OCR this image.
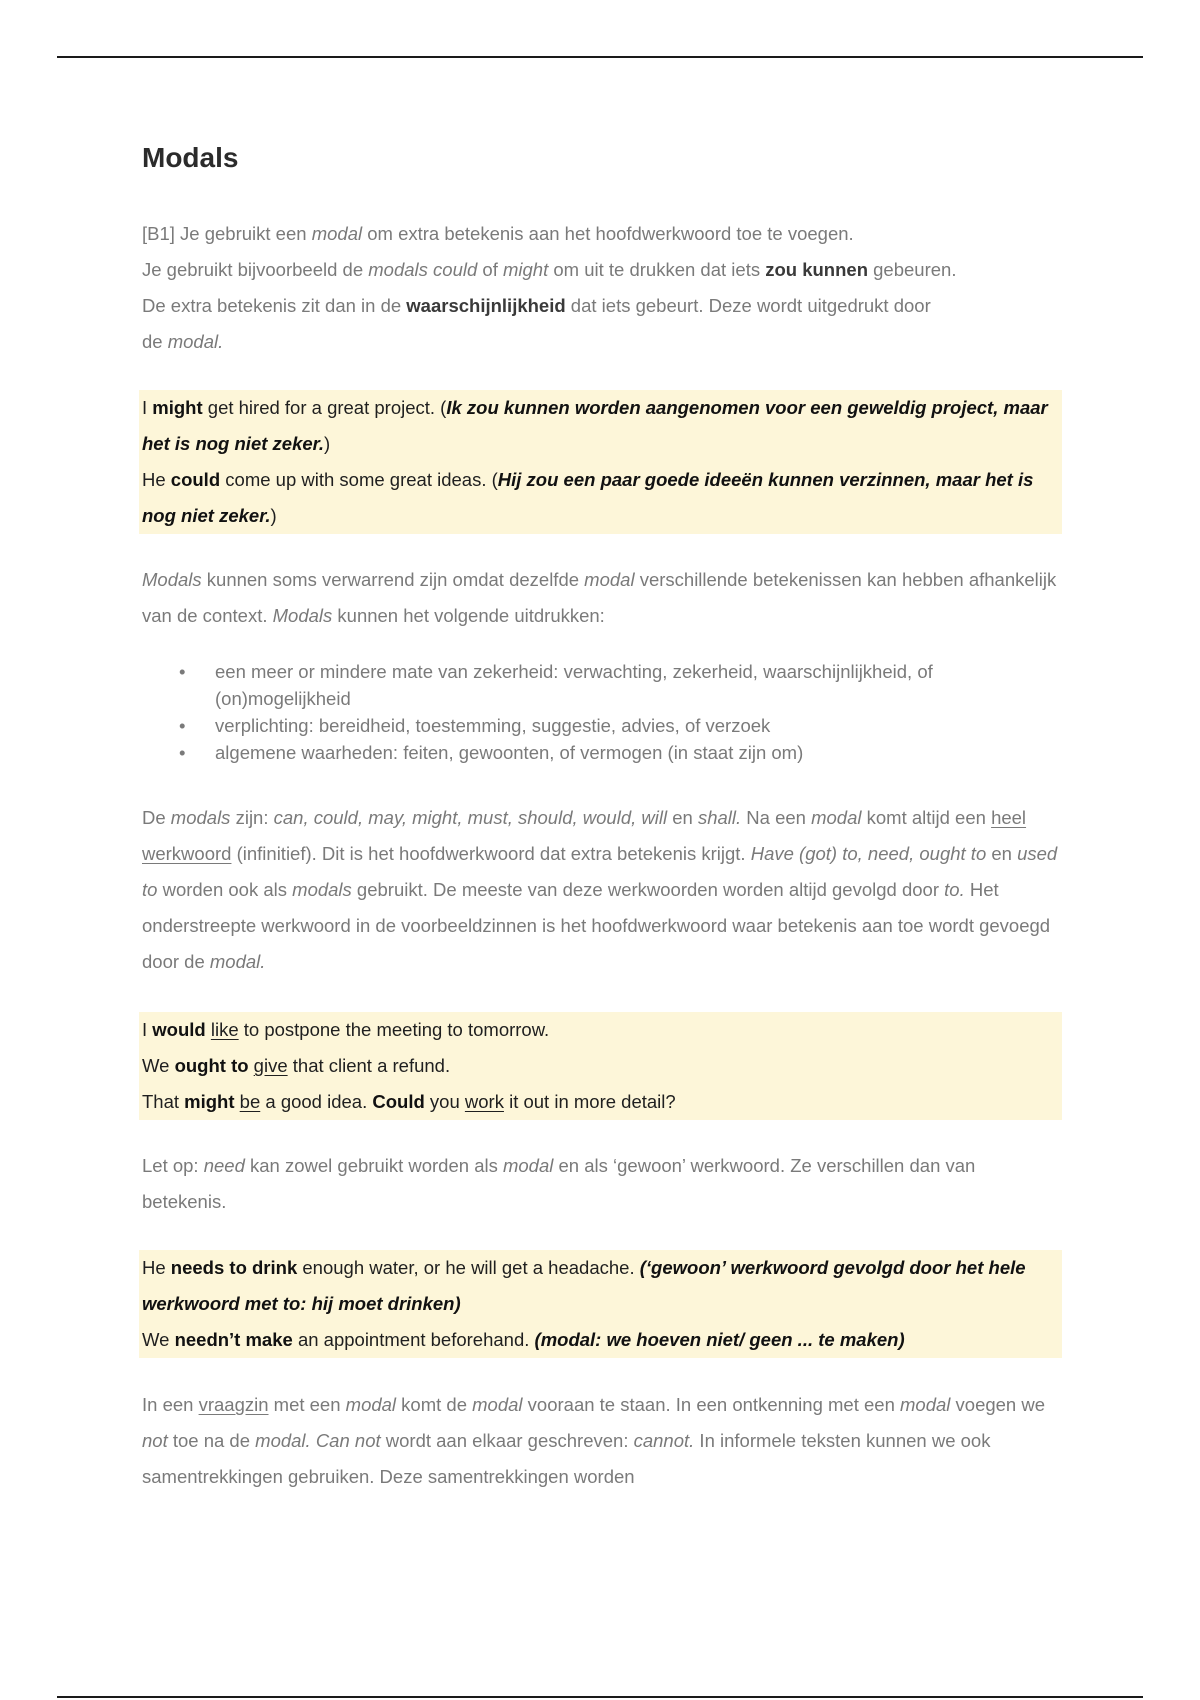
Modals
[B1] Je gebruikt een modal om extra betekenis aan het hoofdwerkwoord toe te voegen.
Je gebruikt bijvoorbeeld de modals could of might om uit te drukken dat iets zou kunnen gebeuren.
De extra betekenis zit dan in de waarschijnlijkheid dat iets gebeurt. Deze wordt uitgedrukt door
de modal.
I might get hired for a great project. (Ik zou kunnen worden aangenomen voor een geweldig project, maar het is nog niet zeker.)
He could come up with some great ideas. (Hij zou een paar goede ideeën kunnen verzinnen, maar het is nog niet zeker.)
Modals kunnen soms verwarrend zijn omdat dezelfde modal verschillende betekenissen kan hebben afhankelijk van de context. Modals kunnen het volgende uitdrukken:
• een meer or mindere mate van zekerheid: verwachting, zekerheid, waarschijnlijkheid, of (on)mogelijkheid
• verplichting: bereidheid, toestemming, suggestie, advies, of verzoek
• algemene waarheden: feiten, gewoonten, of vermogen (in staat zijn om)
De modals zijn: can, could, may, might, must, should, would, will en shall. Na een modal komt altijd een heel werkwoord (infinitief). Dit is het hoofdwerkwoord dat extra betekenis krijgt. Have (got) to, need, ought to en used to worden ook als modals gebruikt. De meeste van deze werkwoorden worden altijd gevolgd door to. Het onderstreepte werkwoord in de voorbeeldzinnen is het hoofdwerkwoord waar betekenis aan toe wordt gevoegd door de modal.
I would like to postpone the meeting to tomorrow.
We ought to give that client a refund.
That might be a good idea. Could you work it out in more detail?
Let op: need kan zowel gebruikt worden als modal en als ‘gewoon’ werkwoord. Ze verschillen dan van betekenis.
He needs to drink enough water, or he will get a headache. (‘gewoon’ werkwoord gevolgd door het hele werkwoord met to: hij moet drinken)
We needn’t make an appointment beforehand. (modal: we hoeven niet/ geen ... te maken)
In een vraagzin met een modal komt de modal vooraan te staan. In een ontkenning met een modal voegen we not toe na de modal. Can not wordt aan elkaar geschreven: cannot. In informele teksten kunnen we ook samentrekkingen gebruiken. Deze samentrekkingen worden
